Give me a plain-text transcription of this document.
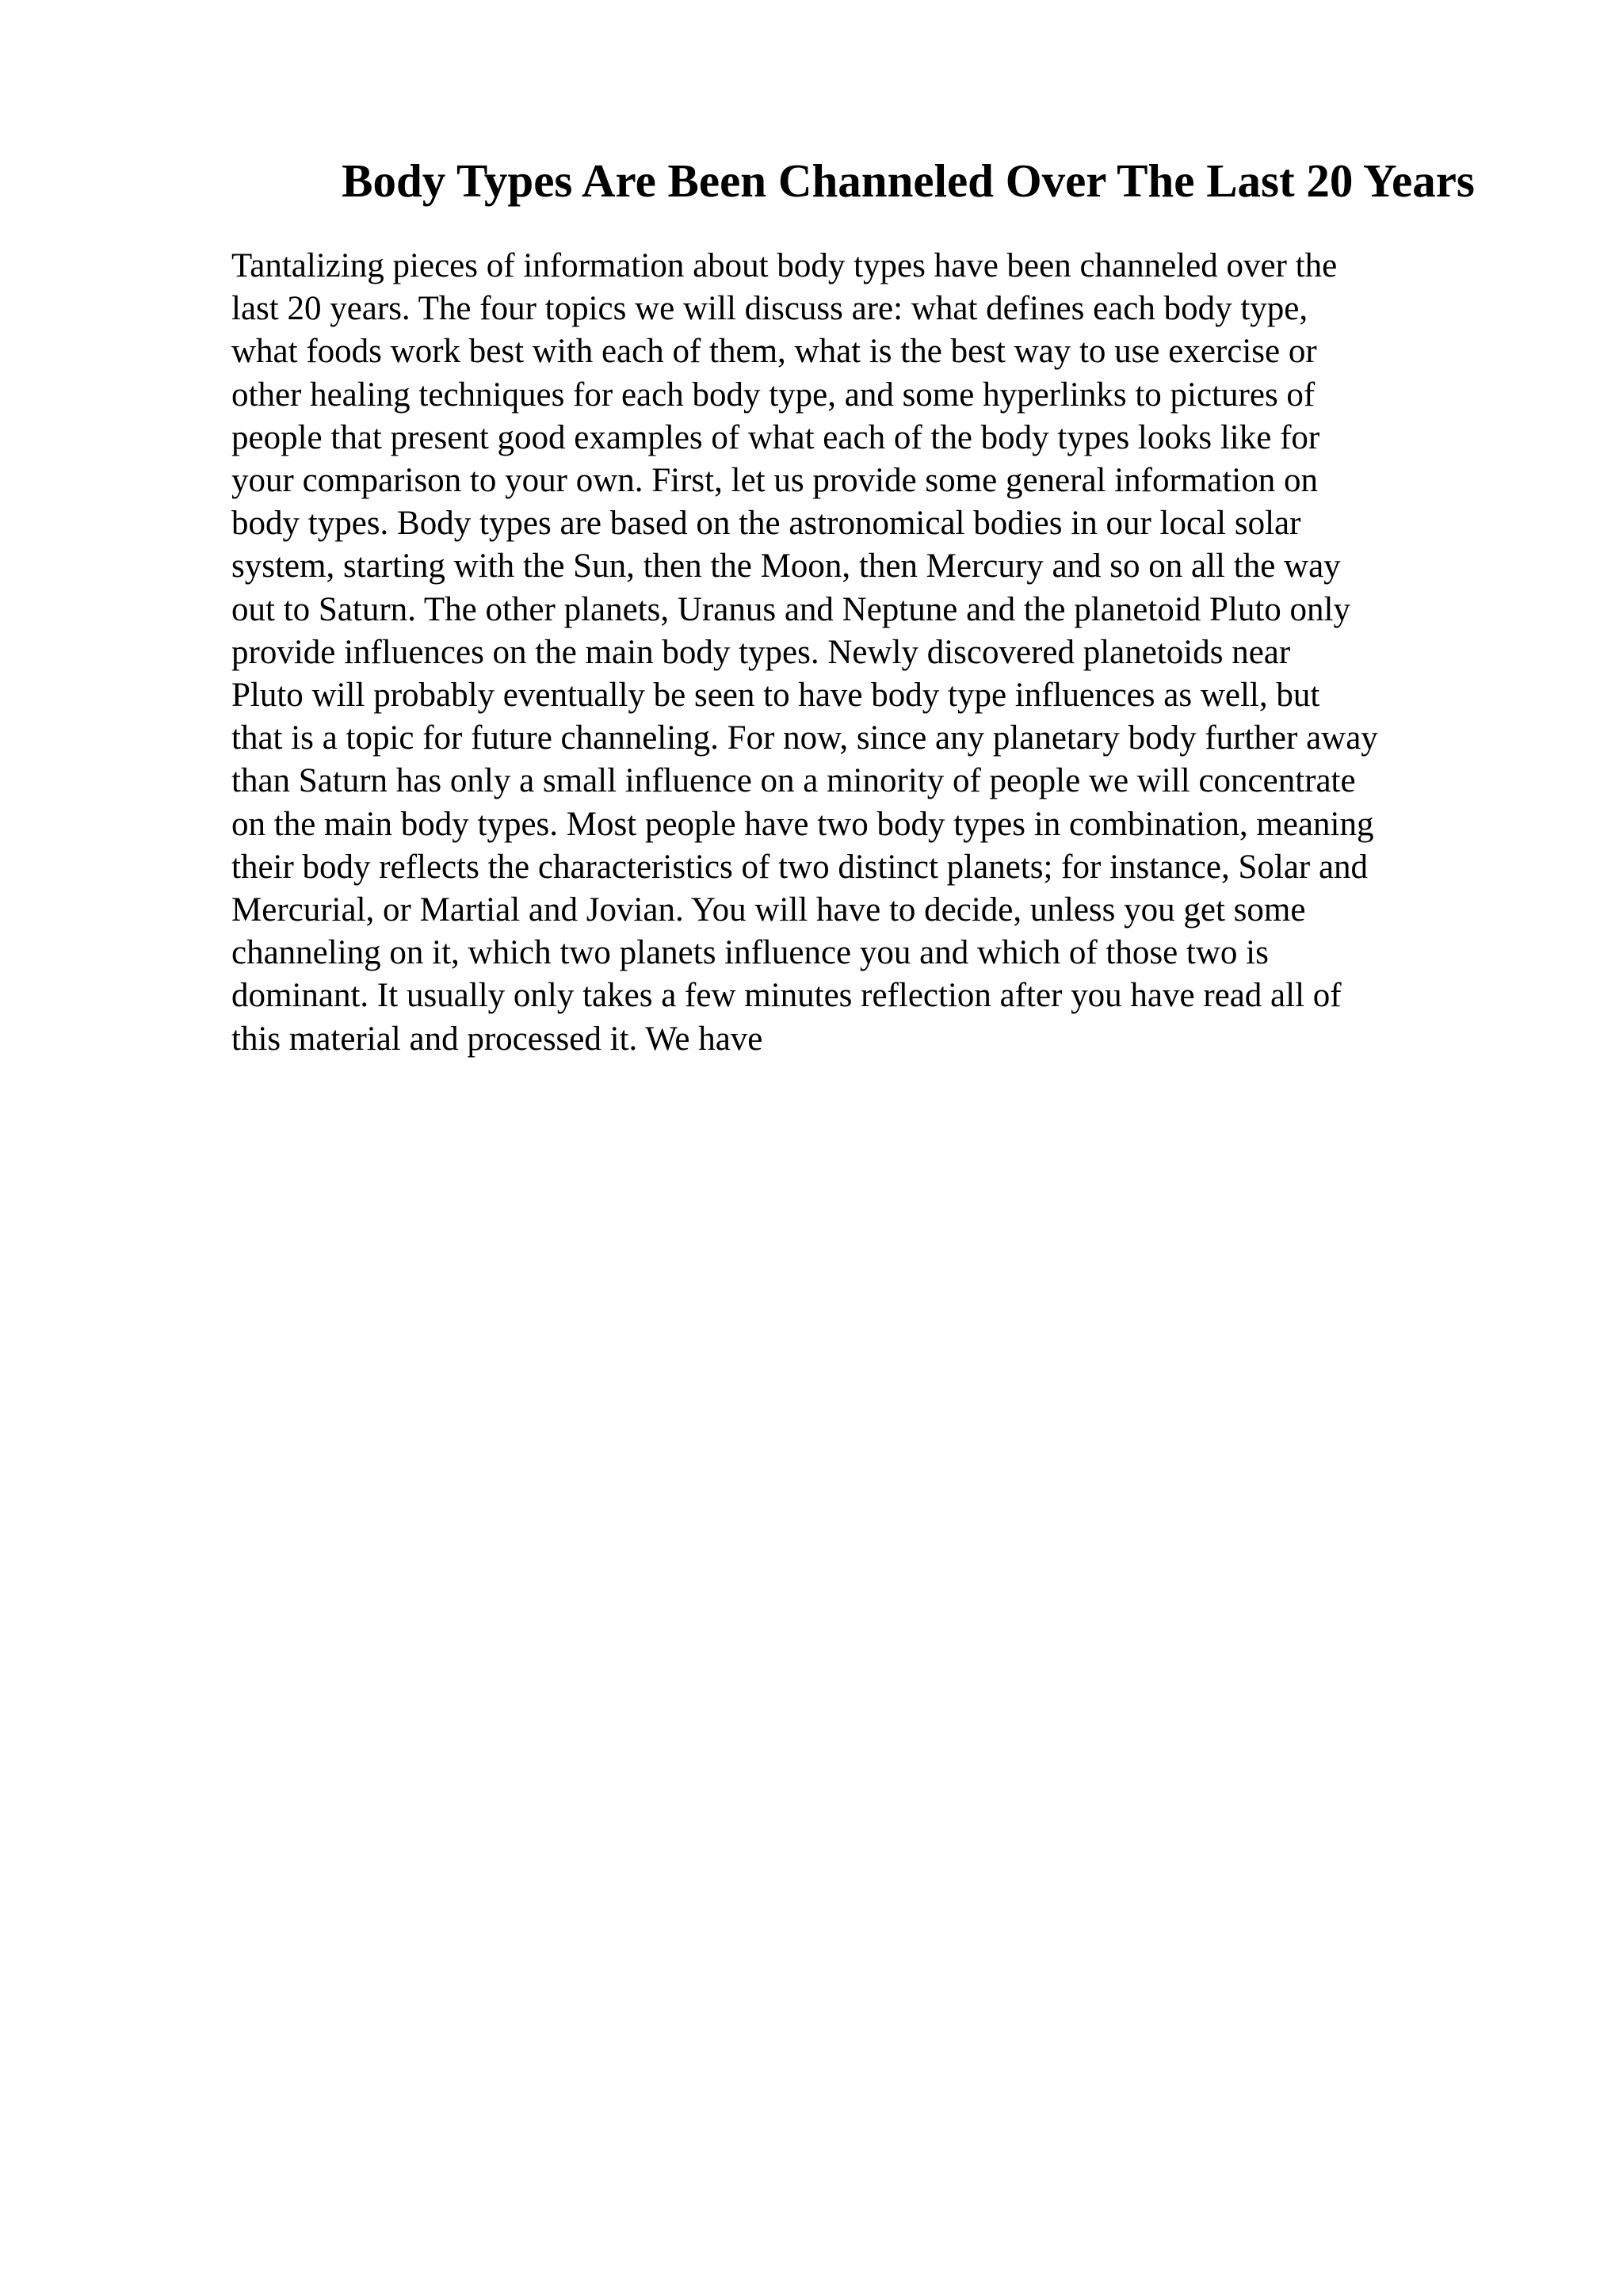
Body Types Are Been Channeled Over The Last 20 Years
Tantalizing pieces of information about body types have been channeled over the
last 20 years. The four topics we will discuss are: what defines each body type,
what foods work best with each of them, what is the best way to use exercise or
other healing techniques for each body type, and some hyperlinks to pictures of
people that present good examples of what each of the body types looks like for
your comparison to your own. First, let us provide some general information on
body types. Body types are based on the astronomical bodies in our local solar
system, starting with the Sun, then the Moon, then Mercury and so on all the way
out to Saturn. The other planets, Uranus and Neptune and the planetoid Pluto only
provide influences on the main body types. Newly discovered planetoids near
Pluto will probably eventually be seen to have body type influences as well, but
that is a topic for future channeling. For now, since any planetary body further away
than Saturn has only a small influence on a minority of people we will concentrate
on the main body types. Most people have two body types in combination, meaning
their body reflects the characteristics of two distinct planets; for instance, Solar and
Mercurial, or Martial and Jovian. You will have to decide, unless you get some
channeling on it, which two planets influence you and which of those two is
dominant. It usually only takes a few minutes reflection after you have read all of
this material and processed it. We have
